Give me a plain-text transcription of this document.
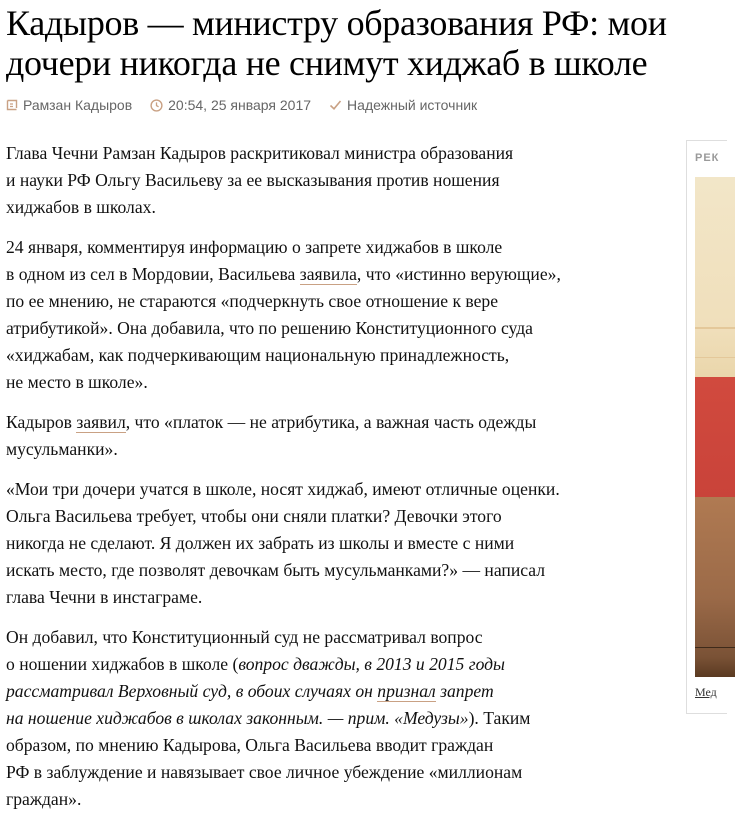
Кадыров — министру образования РФ: мои
дочери никогда не снимут хиджаб в школе
Рамзан Кадыров	20:54, 25 января 2017	Надежный источник

Глава Чечни Рамзан Кадыров раскритиковал министра образования
и науки РФ Ольгу Васильеву за ее высказывания против ношения
хиджабов в школах.

24 января, комментируя информацию о запрете хиджабов в школе
в одном из сел в Мордовии, Васильева заявила, что «истинно верующие»,
по ее мнению, не стараются «подчеркнуть свое отношение к вере
атрибутикой». Она добавила, что по решению Конституционного суда
«хиджабам, как подчеркивающим национальную принадлежность,
не место в школе».

Кадыров заявил, что «платок — не атрибутика, а важная часть одежды
мусульманки».

«Мои три дочери учатся в школе, носят хиджаб, имеют отличные оценки.
Ольга Васильева требует, чтобы они сняли платки? Девочки этого
никогда не сделают. Я должен их забрать из школы и вместе с ними
искать место, где позволят девочкам быть мусульманками?» — написал
глава Чечни в инстаграме.

Он добавил, что Конституционный суд не рассматривал вопрос
о ношении хиджабов в школе (вопрос дважды, в 2013 и 2015 годы
рассматривал Верховный суд, в обоих случаях он признал запрет
на ношение хиджабов в школах законным. — прим. «Медузы»). Таким
образом, по мнению Кадырова, Ольга Васильева вводит граждан
РФ в заблуждение и навязывает свое личное убеждение «миллионам
граждан».

РЕК
Мед
